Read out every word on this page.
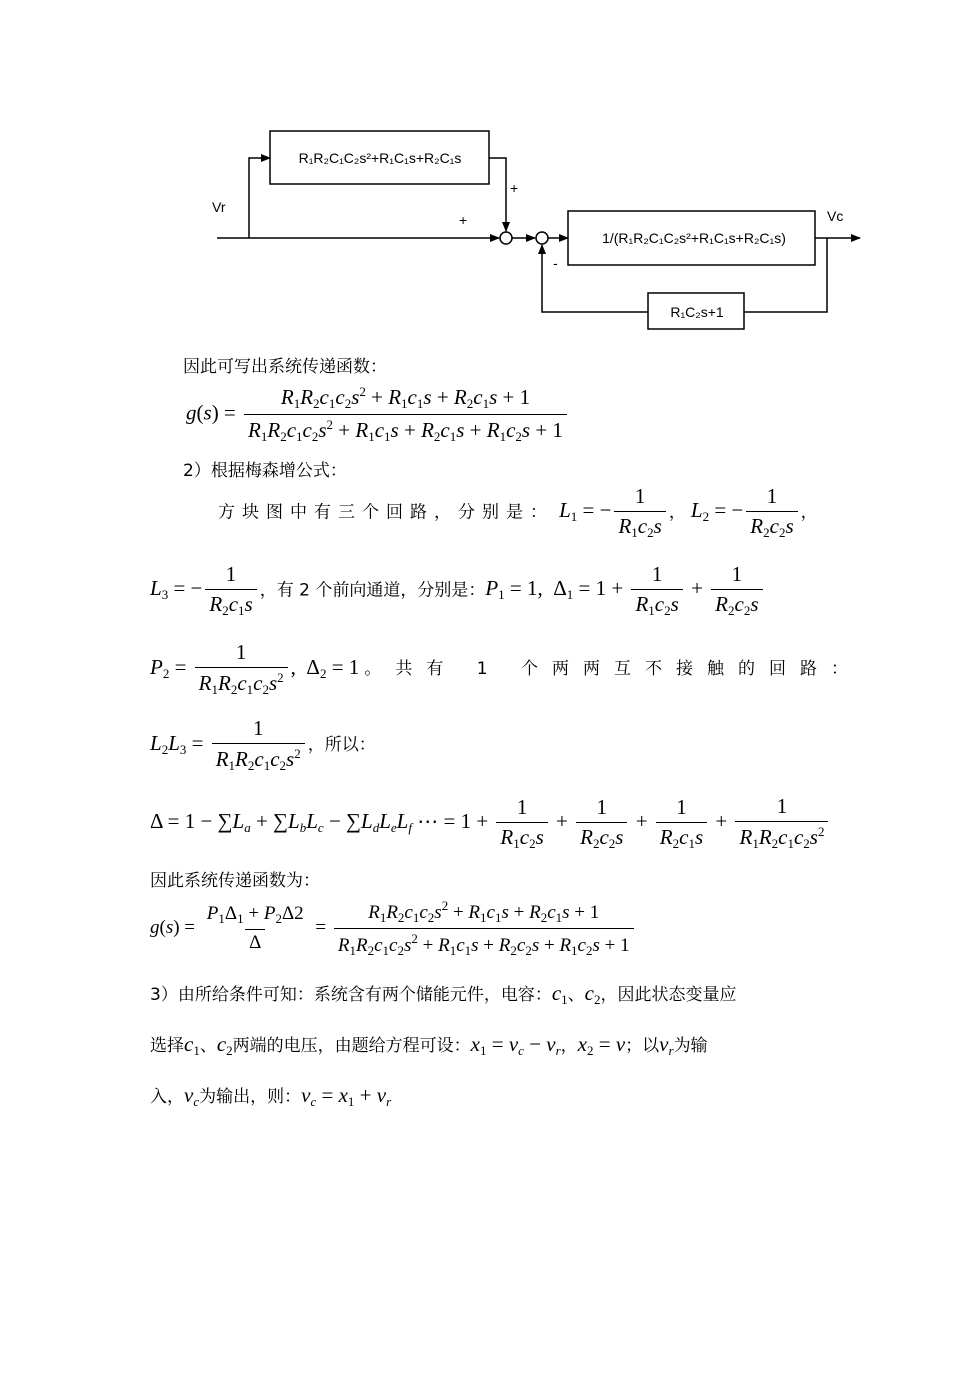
R₁R₂C₁C₂s²+R₁C₁s+R₂C₁s
1/(R₁R₂C₁C₂s²+R₁C₁s+R₂C₁s)
R₁C₂s+1
Vr
Vc
+
+
-
因此可写出系统传递函数：
$g(s) = \frac{R_1R_2c_1c_2s^2 + R_1c_1s + R_2c_1s + 1}{R_1R_2c_1c_2s^2 + R_1c_1s + R_2c_1s + R_1c_2s + 1}$
2）根据梅森增公式：
方块图中有三个回路，分别是： $L_1$ = − $\frac{1}{R_1c_2s}$ ， $L_2$ = − $\frac{1}{R_2c_2s}$ ，
$L_3$ = − $\frac{1}{R_2c_1s}$ ，有 2 个前向通道，分别是：$P_1 = 1$,  $\Delta_1 = 1 + \frac{1}{R_1c_2s} + \frac{1}{R_2c_2s}$
$P_2 = \frac{1}{R_1R_2c_1c_2s^2}$ ,  $\Delta_2 = 1$ 。共有 1 个两两互不接触的回路：
$L_2L_3 = \frac{1}{R_1R_2c_1c_2s^2}$ ，所以：
$\Delta = 1 - \sum L_a + \sum L_bL_c - \sum L_dL_eL_f$ ⋯ = $1 + \frac{1}{R_1c_2s} + \frac{1}{R_2c_2s} + \frac{1}{R_2c_1s} + \frac{1}{R_1R_2c_1c_2s^2}$
因此系统传递函数为：
$g(s) = \frac{P_1\Delta_1 + P_2\Delta 2}{\Delta} = \frac{R_1R_2c_1c_2s^2 + R_1c_1s + R_2c_1s + 1}{R_1R_2c_1c_2s^2 + R_1c_1s + R_2c_2s + R_1c_2s + 1}$
3）由所给条件可知：系统含有两个储能元件，电容：$c_1$、$c_2$，因此状态变量应
选择$c_1$、$c_2$两端的电压，由题给方程可设：$x_1 = v_c - v_r$，$x_2 = v$；以$v_r$为输
入，$v_c$为输出，则：$v_c = x_1 + v_r$
